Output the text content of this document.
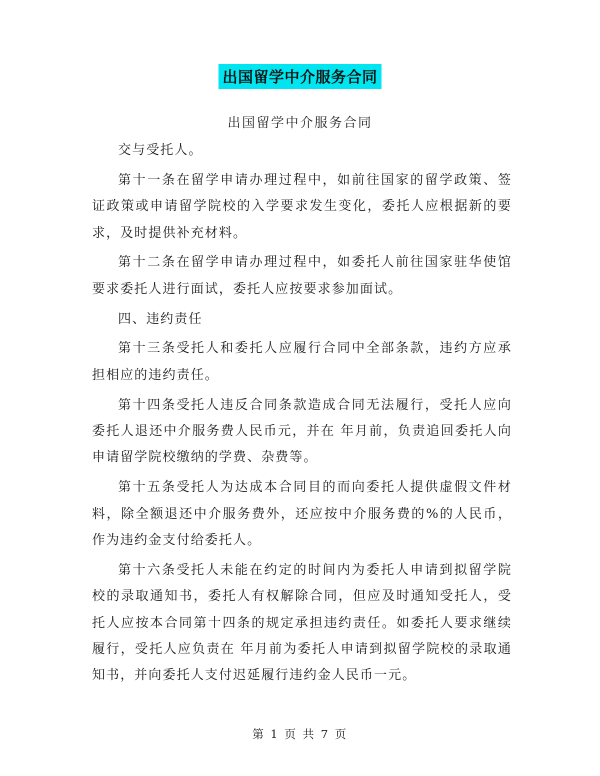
出国留学中介服务合同
出国留学中介服务合同

交与受托人。

第十一条在留学申请办理过程中，如前往国家的留学政策、签证政策或申请留学院校的入学要求发生变化，委托人应根据新的要求，及时提供补充材料。

第十二条在留学申请办理过程中，如委托人前往国家驻华使馆要求委托人进行面试，委托人应按要求参加面试。

四、违约责任

第十三条受托人和委托人应履行合同中全部条款，违约方应承担相应的违约责任。

第十四条受托人违反合同条款造成合同无法履行，受托人应向委托人退还中介服务费人民币元，并在 年月前，负责追回委托人向申请留学院校缴纳的学费、杂费等。

第十五条受托人为达成本合同目的而向委托人提供虚假文件材料，除全额退还中介服务费外，还应按中介服务费的%的人民币，作为违约金支付给委托人。

第十六条受托人未能在约定的时间内为委托人申请到拟留学院校的录取通知书，委托人有权解除合同，但应及时通知受托人，受托人应按本合同第十四条的规定承担违约责任。如委托人要求继续履行，受托人应负责在 年月前为委托人申请到拟留学院校的录取通知书，并向委托人支付迟延履行违约金人民币一元。

第 1 页 共 7 页
